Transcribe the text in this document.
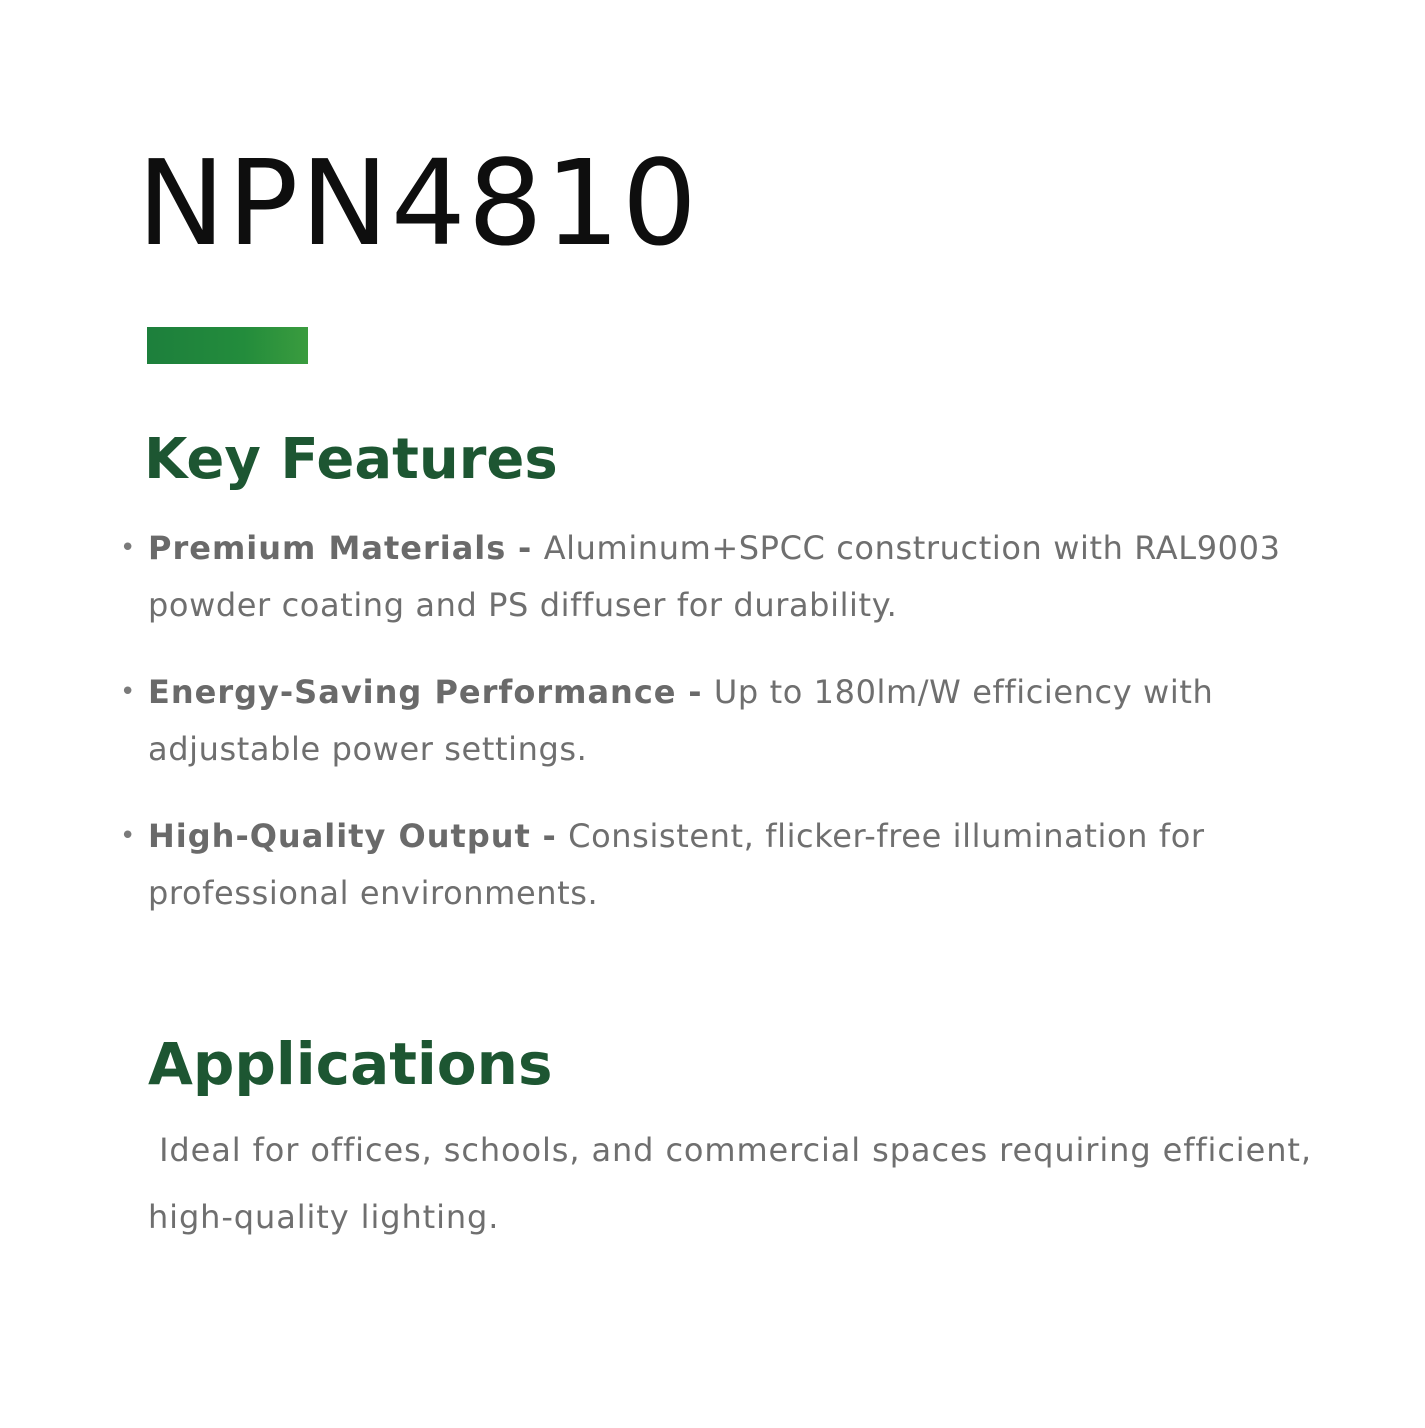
NPN4810
Key Features
• Premium Materials - Aluminum+SPCC construction with RAL9003 powder coating and PS diffuser for durability.
• Energy-Saving Performance - Up to 180lm/W efficiency with adjustable power settings.
• High-Quality Output - Consistent, flicker-free illumination for professional environments.
Applications

Ideal for offices, schools, and commercial spaces requiring efficient, high-quality lighting.
